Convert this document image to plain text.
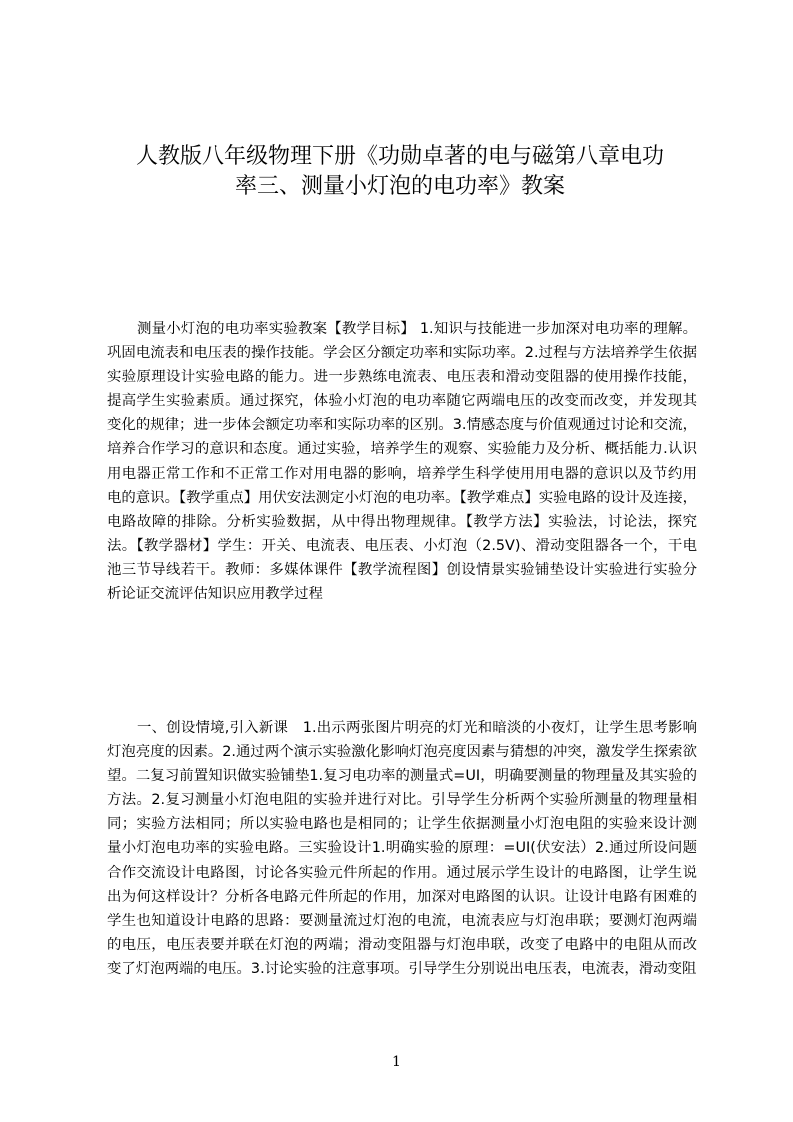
人教版八年级物理下册《功勋卓著的电与磁第八章电功
率三、测量小灯泡的电功率》教案

测量小灯泡的电功率实验教案【教学目标】 1.知识与技能进一步加深对电功率的理解。巩固电流表和电压表的操作技能。学会区分额定功率和实际功率。2.过程与方法培养学生依据实验原理设计实验电路的能力。进一步熟练电流表、电压表和滑动变阻器的使用操作技能，提高学生实验素质。通过探究，体验小灯泡的电功率随它两端电压的改变而改变，并发现其变化的规律；进一步体会额定功率和实际功率的区别。3.情感态度与价值观通过讨论和交流，培养合作学习的意识和态度。通过实验，培养学生的观察、实验能力及分析、概括能力.认识用电器正常工作和不正常工作对用电器的影响，培养学生科学使用用电器的意识以及节约用电的意识。【教学重点】用伏安法测定小灯泡的电功率。【教学难点】实验电路的设计及连接，电路故障的排除。分析实验数据，从中得出物理规律。【教学方法】实验法，讨论法，探究法。【教学器材】学生：开关、电流表、电压表、小灯泡（2.5V)、滑动变阻器各一个，干电池三节导线若干。教师：多媒体课件【教学流程图】创设情景实验铺垫设计实验进行实验分析论证交流评估知识应用教学过程

一、创设情境,引入新课　1.出示两张图片明亮的灯光和暗淡的小夜灯，让学生思考影响灯泡亮度的因素。2.通过两个演示实验激化影响灯泡亮度因素与猜想的冲突，激发学生探索欲望。二复习前置知识做实验铺垫1.复习电功率的测量式=UI，明确要测量的物理量及其实验的方法。2.复习测量小灯泡电阻的实验并进行对比。引导学生分析两个实验所测量的物理量相同；实验方法相同；所以实验电路也是相同的；让学生依据测量小灯泡电阻的实验来设计测量小灯泡电功率的实验电路。三实验设计1.明确实验的原理：=UI(伏安法）2.通过所设问题合作交流设计电路图，讨论各实验元件所起的作用。通过展示学生设计的电路图，让学生说出为何这样设计？分析各电路元件所起的作用，加深对电路图的认识。让设计电路有困难的学生也知道设计电路的思路：要测量流过灯泡的电流，电流表应与灯泡串联；要测灯泡两端的电压，电压表要并联在灯泡的两端；滑动变阻器与灯泡串联，改变了电路中的电阻从而改变了灯泡两端的电压。3.讨论实验的注意事项。引导学生分别说出电压表，电流表，滑动变阻

1
